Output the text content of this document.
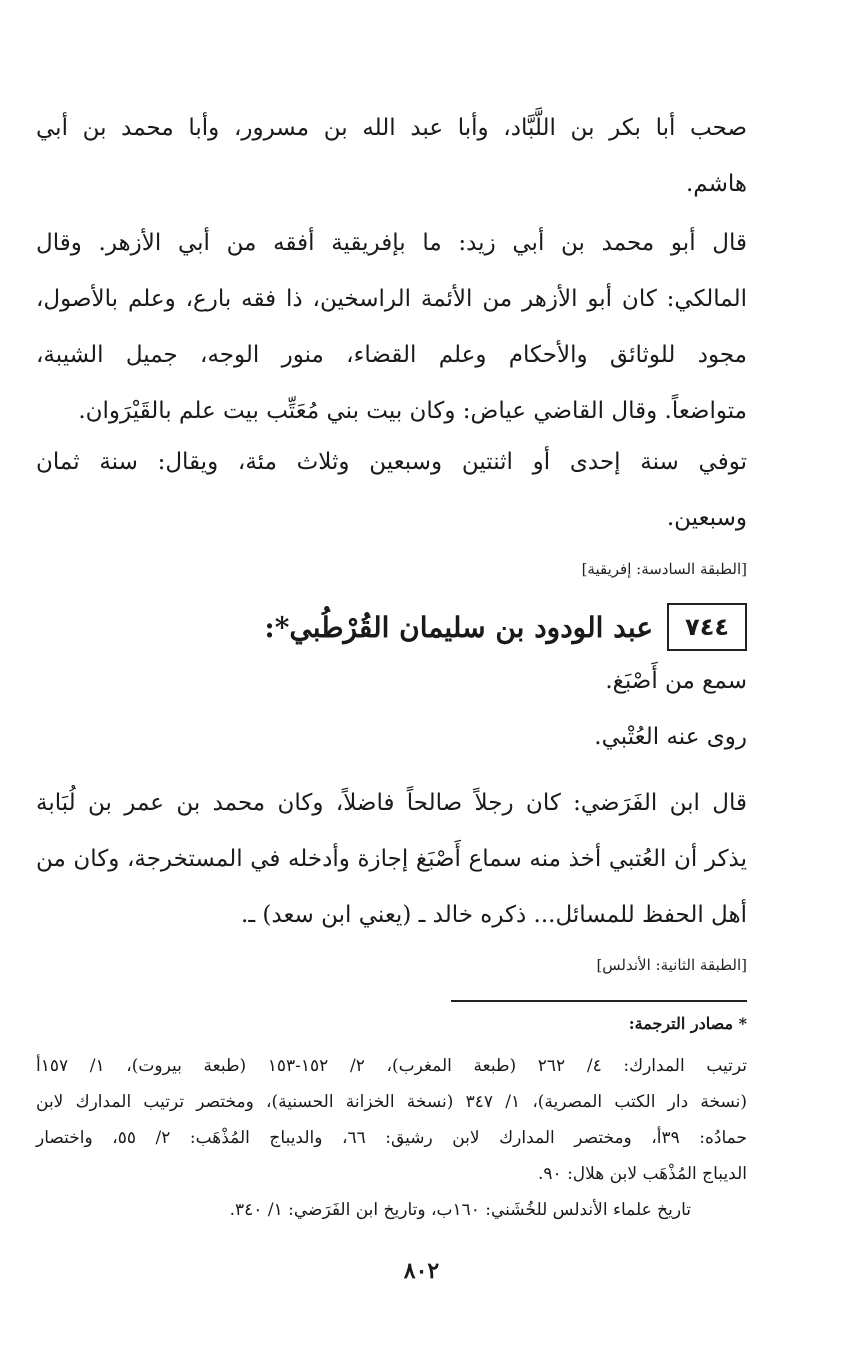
صحب أبا بكر بن اللَّبَّاد، وأبا عبد الله بن مسرور، وأبا محمد بن أبي
هاشم.
قال أبو محمد بن أبي زيد: ما بإفريقية أفقه من أبي الأزهر. وقال
المالكي: كان أبو الأزهر من الأئمة الراسخين، ذا فقه بارع، وعلم بالأصول،
مجود للوثائق والأحكام وعلم القضاء، منور الوجه، جميل الشيبة،
متواضعاً. وقال القاضي عياض: وكان بيت بني مُعَتِّب بيت علم بالقَيْرَوان.
توفي سنة إحدى أو اثنتين وسبعين وثلاث مئة، ويقال: سنة ثمان
وسبعين.
[الطبقة السادسة: إفريقية]
٧٤٤
عبد الودود بن سليمان القُرْطُبي*:
سمع من أَصْبَغ.
روى عنه العُتْبي.
قال ابن الفَرَضي: كان رجلاً صالحاً فاضلاً، وكان محمد بن عمر بن لُبَابة
يذكر أن العُتبي أخذ منه سماع أَصْبَغ إجازة وأدخله في المستخرجة، وكان من
أهل الحفظ للمسائل... ذكره خالد ـ (يعني ابن سعد) ـ.
[الطبقة الثانية: الأندلس]
* مصادر الترجمة:
ترتيب المدارك: ٤/ ٢٦٢ (طبعة المغرب)، ٢/ ١٥٢-١٥٣ (طبعة بيروت)، ١/ ١٥٧أ
(نسخة دار الكتب المصرية)، ١/ ٣٤٧ (نسخة الخزانة الحسنية)، ومختصر ترتيب المدارك لابن
حمادُه: ٣٩أ، ومختصر المدارك لابن رشيق: ٦٦، والديباج المُذْهَب: ٢/ ٥٥، واختصار
الديباج المُذْهَب لابن هلال: ٩٠.
تاريخ علماء الأندلس للخُشَني: ١٦٠ب، وتاريخ ابن الفَرَضي: ١/ ٣٤٠.
٨٠٢
